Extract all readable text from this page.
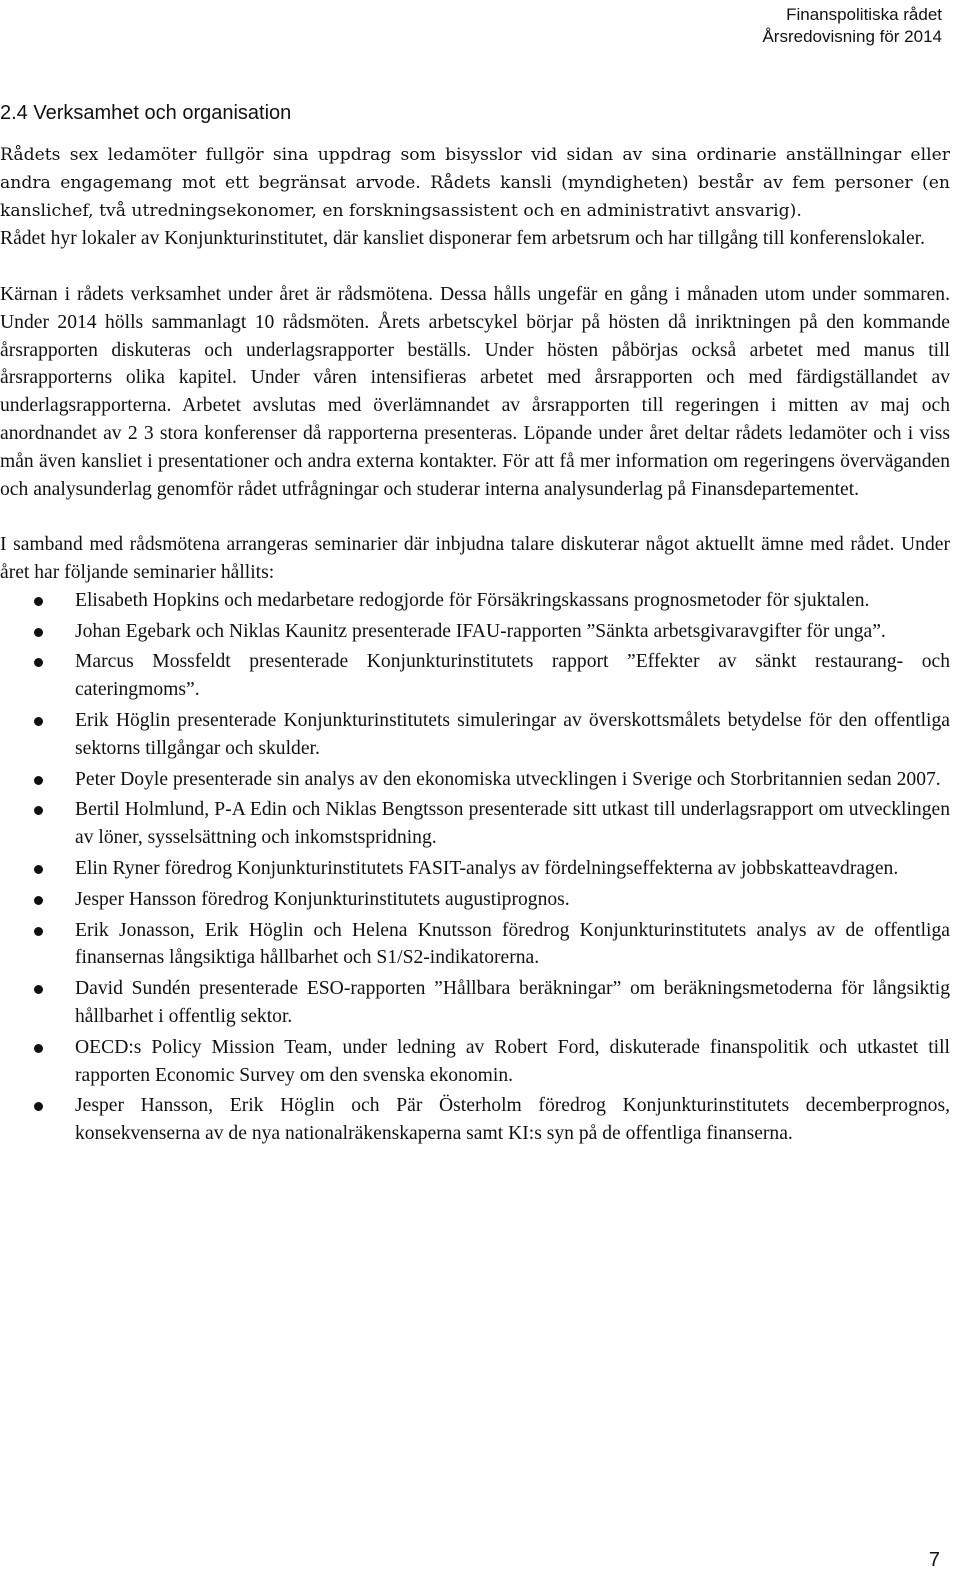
Finanspolitiska rådet
Årsredovisning för 2014
2.4 Verksamhet och organisation

Rådets sex ledamöter fullgör sina uppdrag som bisysslor vid sidan av sina ordinarie anställningar eller andra engagemang mot ett begränsat arvode. Rådets kansli (myndigheten) består av fem personer (en kanslichef, två utredningsekonomer, en forskningsassistent och en administrativt ansvarig).

Rådet hyr lokaler av Konjunkturinstitutet, där kansliet disponerar fem arbetsrum och har tillgång till konferenslokaler.

Kärnan i rådets verksamhet under året är rådsmötena. Dessa hålls ungefär en gång i månaden utom under sommaren. Under 2014 hölls sammanlagt 10 rådsmöten. Årets arbetscykel börjar på hösten då inriktningen på den kommande årsrapporten diskuteras och underlagsrapporter beställs. Under hösten påbörjas också arbetet med manus till årsrapporterns olika kapitel. Under våren intensifieras arbetet med årsrapporten och med färdigställandet av underlagsrapporterna. Arbetet avslutas med överlämnandet av årsrapporten till regeringen i mitten av maj och anordnandet av 2 3 stora konferenser då rapporterna presenteras. Löpande under året deltar rådets ledamöter och i viss mån även kansliet i presentationer och andra externa kontakter. För att få mer information om regeringens överväganden och analysunderlag genomför rådet utfrågningar och studerar interna analysunderlag på Finansdepartementet.

I samband med rådsmötena arrangeras seminarier där inbjudna talare diskuterar något aktuellt ämne med rådet. Under året har följande seminarier hållits:

Elisabeth Hopkins och medarbetare redogjorde för Försäkringskassans prognosmetoder för sjuktalen.
Johan Egebark och Niklas Kaunitz presenterade IFAU-rapporten ”Sänkta arbetsgivaravgifter för unga”.
Marcus Mossfeldt presenterade Konjunkturinstitutets rapport ”Effekter av sänkt restaurang- och cateringmoms”.
Erik Höglin presenterade Konjunkturinstitutets simuleringar av överskottsmålets betydelse för den offentliga sektorns tillgångar och skulder.
Peter Doyle presenterade sin analys av den ekonomiska utvecklingen i Sverige och Storbritannien sedan 2007.
Bertil Holmlund, P-A Edin och Niklas Bengtsson presenterade sitt utkast till underlagsrapport om utvecklingen av löner, sysselsättning och inkomstspridning.
Elin Ryner föredrog Konjunkturinstitutets FASIT-analys av fördelningseffekterna av jobbskatteavdragen.
Jesper Hansson föredrog Konjunkturinstitutets augustiprognos.
Erik Jonasson, Erik Höglin och Helena Knutsson föredrog Konjunkturinstitutets analys av de offentliga finansernas långsiktiga hållbarhet och S1/S2-indikatorerna.
David Sundén presenterade ESO-rapporten ”Hållbara beräkningar” om beräkningsmetoderna för långsiktig hållbarhet i offentlig sektor.
OECD:s Policy Mission Team, under ledning av Robert Ford, diskuterade finanspolitik och utkastet till rapporten Economic Survey om den svenska ekonomin.
Jesper Hansson, Erik Höglin och Pär Österholm föredrog Konjunkturinstitutets decemberprognos, konsekvenserna av de nya nationalräkenskaperna samt KI:s syn på de offentliga finanserna.
7
